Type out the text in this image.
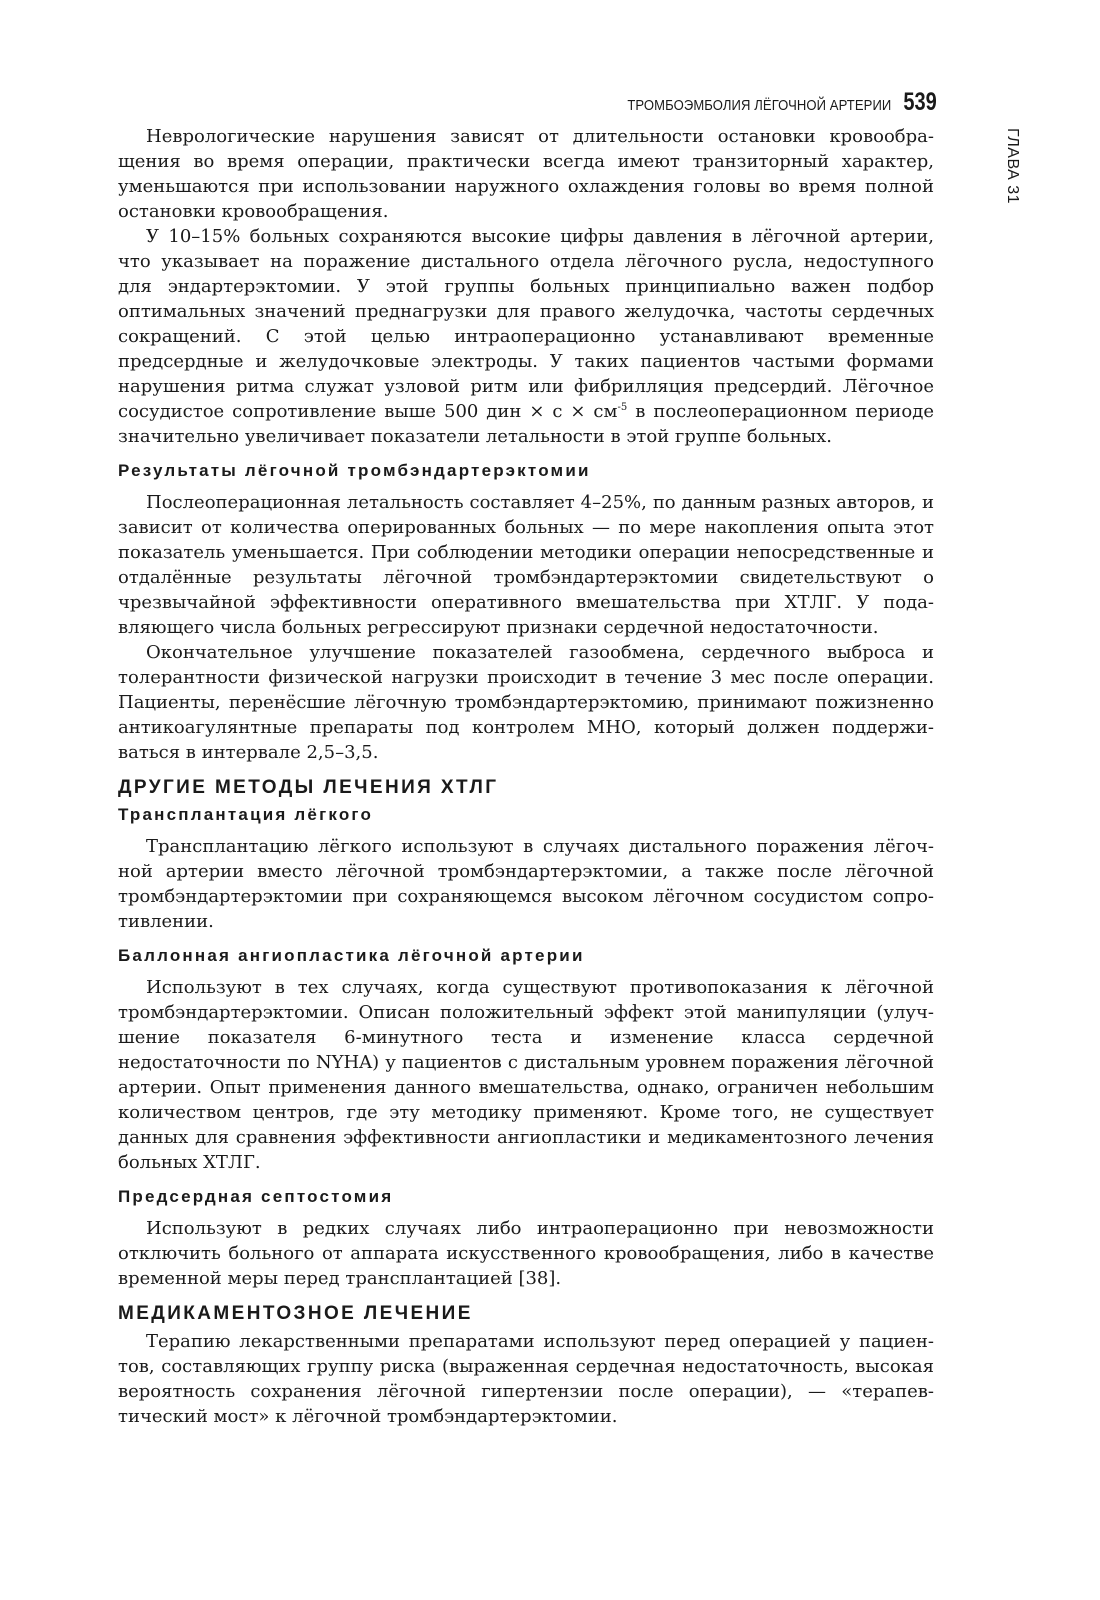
ТРОМБОЭМБОЛИЯ ЛЁГОЧНОЙ АРТЕРИИ 539
ГЛАВА 31

Неврологические нарушения зависят от длительности остановки кровообращения во время операции, практически всегда имеют транзиторный характер, уменьшаются при использовании наружного охлаждения головы во время полной остановки кровообращения.

У 10–15% больных сохраняются высокие цифры давления в лёгочной артерии, что указывает на поражение дистального отдела лёгочного русла, недоступного для эндартерэктомии. У этой группы больных принципиально важен подбор оптимальных значений преднагрузки для правого желудочка, частоты сердечных сокращений. С этой целью интраоперационно устанавливают временные предсердные и желудочковые электроды. У таких пациентов частыми формами нарушения ритма служат узловой ритм или фибрилляция предсердий. Лёгочное сосудистое сопротивление выше 500 дин × $с \times см^{-5}$ в послеоперационном периоде значительно увеличивает показатели летальности в этой группе больных.

Результаты лёгочной тромбэндартерэктомии

Послеоперационная летальность составляет 4–25%, по данным разных авторов, и зависит от количества оперированных больных — по мере накопления опыта этот показатель уменьшается. При соблюдении методики операции непосредственные и отдалённые результаты лёгочной тромбэндартерэктомии свидетельствуют о чрезвычайной эффективности оперативного вмешательства при ХТЛГ. У подавляющего числа больных регрессируют признаки сердечной недостаточности.

Окончательное улучшение показателей газообмена, сердечного выброса и толерантности физической нагрузки происходит в течение 3 мес после операции. Пациенты, перенёсшие лёгочную тромбэндартерэктомию, принимают пожизненно антикоагулянтные препараты под контролем МНО, который должен поддерживаться в интервале 2,5–3,5.

ДРУГИЕ МЕТОДЫ ЛЕЧЕНИЯ ХТЛГ
Трансплантация лёгкого

Трансплантацию лёгкого используют в случаях дистального поражения лёгочной артерии вместо лёгочной тромбэндартерэктомии, а также после лёгочной тромбэндартерэктомии при сохраняющемся высоком лёгочном сосудистом сопротивлении.

Баллонная ангиопластика лёгочной артерии

Используют в тех случаях, когда существуют противопоказания к лёгочной тромбэндартерэктомии. Описан положительный эффект этой манипуляции (улучшение показателя 6-минутного теста и изменение класса сердечной недостаточности по NYHA) у пациентов с дистальным уровнем поражения лёгочной артерии. Опыт применения данного вмешательства, однако, ограничен небольшим количеством центров, где эту методику применяют. Кроме того, не существует данных для сравнения эффективности ангиопластики и медикаментозного лечения больных ХТЛГ.

Предсердная септостомия

Используют в редких случаях либо интраоперационно при невозможности отключить больного от аппарата искусственного кровообращения, либо в качестве временной меры перед трансплантацией [38].

МЕДИКАМЕНТОЗНОЕ ЛЕЧЕНИЕ

Терапию лекарственными препаратами используют перед операцией у пациентов, составляющих группу риска (выраженная сердечная недостаточность, высокая вероятность сохранения лёгочной гипертензии после операции), — «терапевтический мост» к лёгочной тромбэндартерэктомии.
